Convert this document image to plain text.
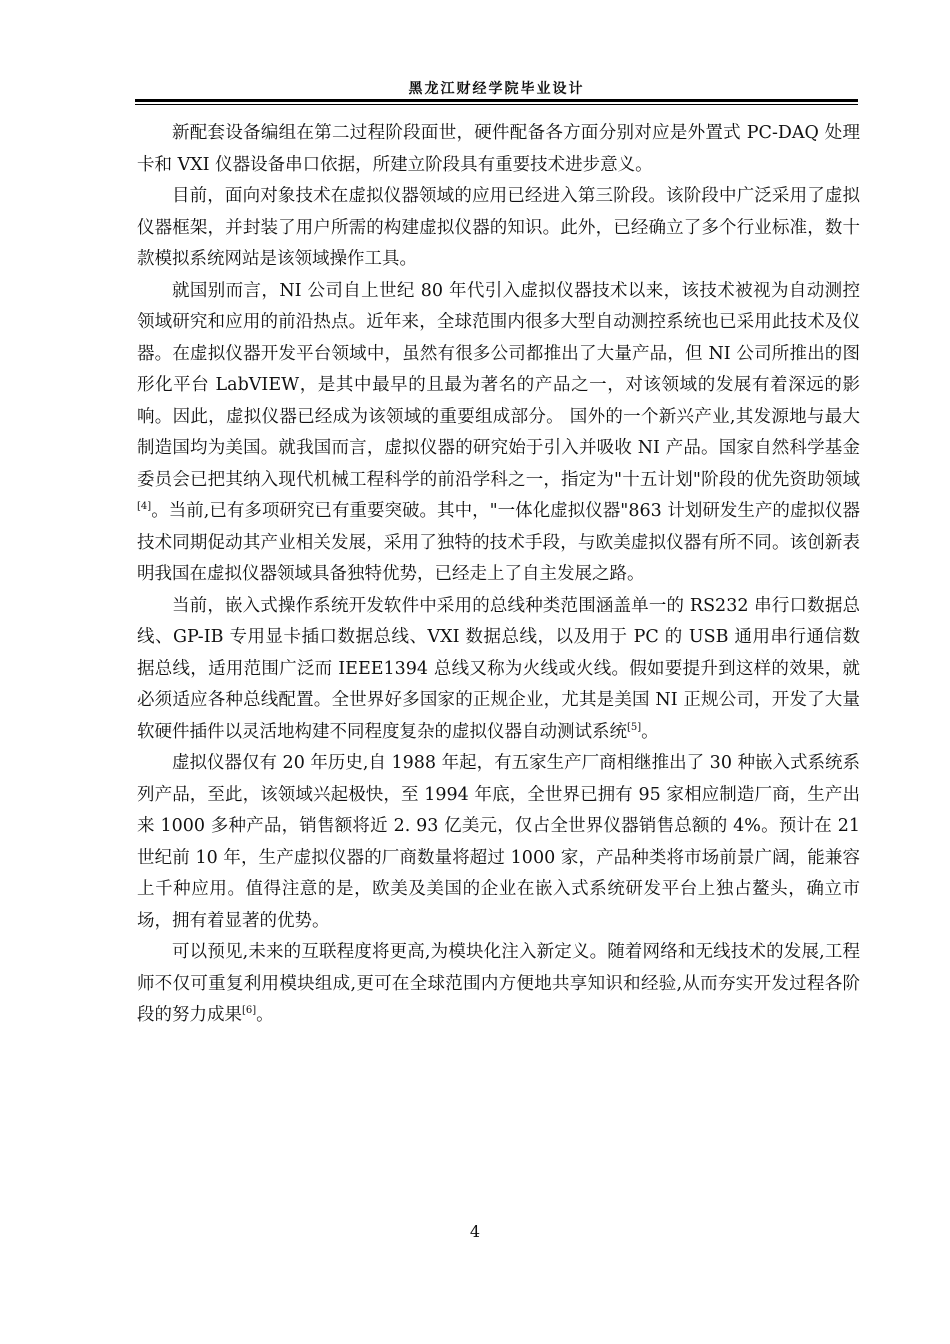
黑龙江财经学院毕业设计

新配套设备编组在第二过程阶段面世，硬件配备各方面分别对应是外置式 PC-DAQ 处理卡和 VXI 仪器设备串口依据，所建立阶段具有重要技术进步意义。

目前，面向对象技术在虚拟仪器领域的应用已经进入第三阶段。该阶段中广泛采用了虚拟仪器框架，并封装了用户所需的构建虚拟仪器的知识。此外，已经确立了多个行业标准，数十款模拟系统网站是该领域操作工具。

就国别而言，NI 公司自上世纪 80 年代引入虚拟仪器技术以来，该技术被视为自动测控领域研究和应用的前沿热点。近年来，全球范围内很多大型自动测控系统也已采用此技术及仪器。在虚拟仪器开发平台领域中，虽然有很多公司都推出了大量产品，但 NI 公司所推出的图形化平台 LabVIEW，是其中最早的且最为著名的产品之一，对该领域的发展有着深远的影响。因此，虚拟仪器已经成为该领域的重要组成部分。 国外的一个新兴产业,其发源地与最大制造国均为美国。就我国而言，虚拟仪器的研究始于引入并吸收 NI 产品。国家自然科学基金委员会已把其纳入现代机械工程科学的前沿学科之一，指定为"十五计划"阶段的优先资助领域[4]。当前,已有多项研究已有重要突破。其中，"一体化虚拟仪器"863 计划研发生产的虚拟仪器技术同期促动其产业相关发展，采用了独特的技术手段，与欧美虚拟仪器有所不同。该创新表明我国在虚拟仪器领域具备独特优势，已经走上了自主发展之路。

当前，嵌入式操作系统开发软件中采用的总线种类范围涵盖单一的 RS232 串行口数据总线、GP-IB 专用显卡插口数据总线、VXI 数据总线，以及用于 PC 的 USB 通用串行通信数据总线，适用范围广泛而 IEEE1394 总线又称为火线或火线。假如要提升到这样的效果，就必须适应各种总线配置。全世界好多国家的正规企业，尤其是美国 NI 正规公司，开发了大量软硬件插件以灵活地构建不同程度复杂的虚拟仪器自动测试系统[5]。

虚拟仪器仅有 20 年历史,自 1988 年起，有五家生产厂商相继推出了 30 种嵌入式系统系列产品，至此，该领域兴起极快，至 1994 年底，全世界已拥有 95 家相应制造厂商，生产出来 1000 多种产品，销售额将近 2. 93 亿美元，仅占全世界仪器销售总额的 4%。预计在 21 世纪前 10 年，生产虚拟仪器的厂商数量将超过 1000 家，产品种类将市场前景广阔，能兼容上千种应用。值得注意的是，欧美及美国的企业在嵌入式系统研发平台上独占鳌头，确立市场，拥有着显著的优势。

可以预见,未来的互联程度将更高,为模块化注入新定义。随着网络和无线技术的发展,工程师不仅可重复利用模块组成,更可在全球范围内方便地共享知识和经验,从而夯实开发过程各阶段的努力成果[6]。

4
